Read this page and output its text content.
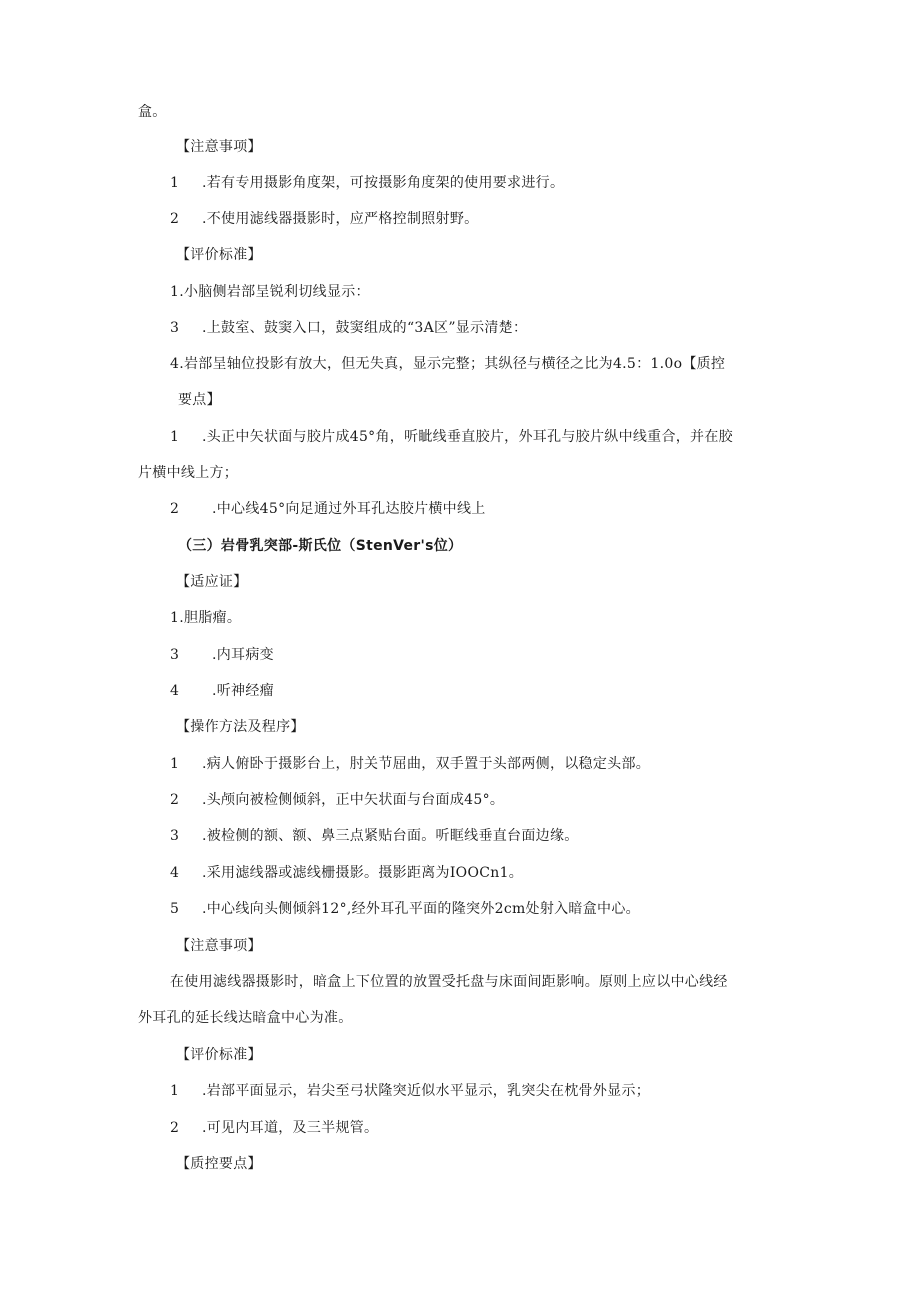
盒。
【注意事项】
1 .若有专用摄影角度架，可按摄影角度架的使用要求进行。
2 .不使用滤线器摄影时，应严格控制照射野。
【评价标准】
1.小脑侧岩部呈锐利切线显示：
3 .上鼓室、鼓窦入口，鼓窦组成的“3A区”显示清楚：
4.岩部呈轴位投影有放大，但无失真，显示完整；其纵径与横径之比为4.5：1.0o【质控
要点】
1 .头正中矢状面与胶片成45°角，听眦线垂直胶片，外耳孔与胶片纵中线重合，并在胶
片横中线上方；
2 .中心线45°向足通过外耳孔达胶片横中线上
（三）岩骨乳突部-斯氏位（StenVer's位）
【适应证】
1.胆脂瘤。
3 .内耳病变
4 .听神经瘤
【操作方法及程序】
1 .病人俯卧于摄影台上，肘关节屈曲，双手置于头部两侧，以稳定头部。
2 .头颅向被检侧倾斜，正中矢状面与台面成45°。
3 .被检侧的额、额、鼻三点紧贴台面。听眶线垂直台面边缘。
4 .采用滤线器或滤线栅摄影。摄影距离为IOOCn1。
5 .中心线向头侧倾斜12°,经外耳孔平面的隆突外2cm处射入暗盒中心。
【注意事项】
在使用滤线器摄影时，暗盒上下位置的放置受托盘与床面间距影响。原则上应以中心线经
外耳孔的延长线达暗盒中心为准。
【评价标准】
1 .岩部平面显示，岩尖至弓状隆突近似水平显示，乳突尖在枕骨外显示；
2 .可见内耳道，及三半规管。
【质控要点】
